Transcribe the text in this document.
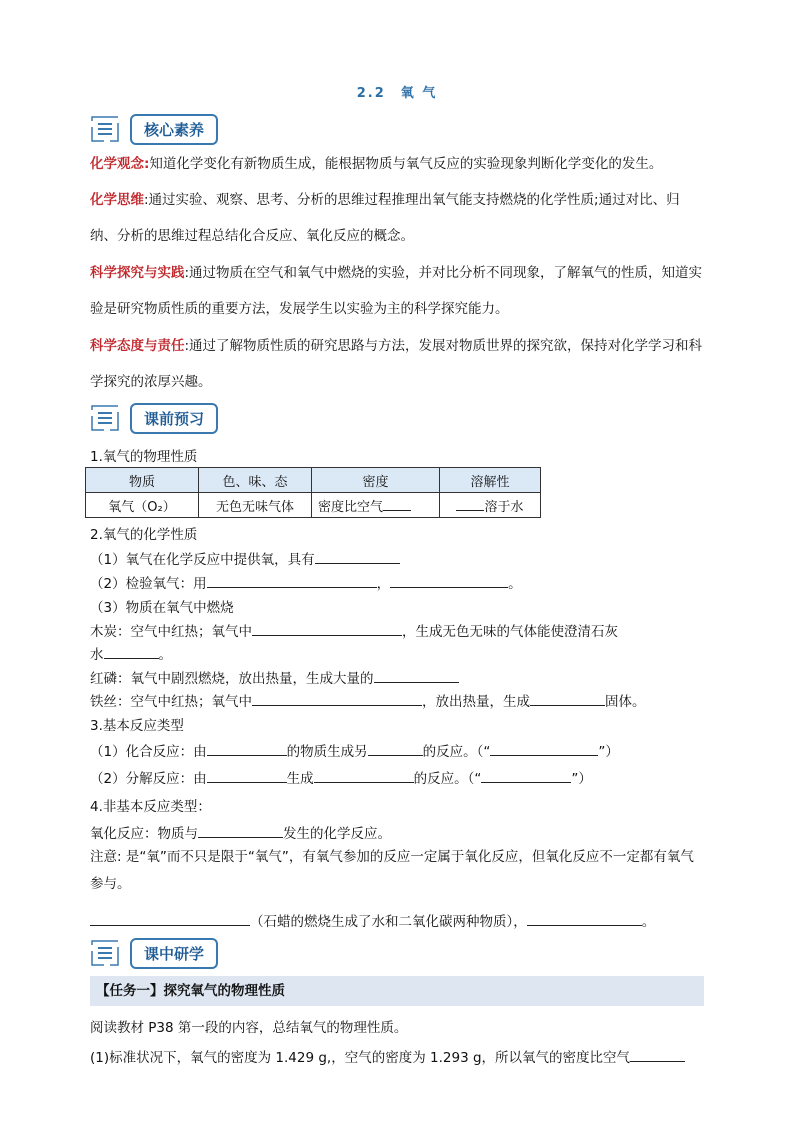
2.2　氧 气
核心素养
化学观念:知道化学变化有新物质生成，能根据物质与氧气反应的实验现象判断化学变化的发生。
化学思维:通过实验、观察、思考、分析的思维过程推理出氧气能支持燃烧的化学性质;通过对比、归纳、分析的思维过程总结化合反应、氧化反应的概念。
科学探究与实践:通过物质在空气和氧气中燃烧的实验，并对比分析不同现象，了解氧气的性质，知道实验是研究物质性质的重要方法，发展学生以实验为主的科学探究能力。
科学态度与责任:通过了解物质性质的研究思路与方法，发展对物质世界的探究欲，保持对化学学习和科学探究的浓厚兴趣。
课前预习
1.氧气的物理性质
物质	色、味、态	密度	溶解性
氧气（O₂）	无色无味气体	密度比空气	溶于水
2.氧气的化学性质
（1）氧气在化学反应中提供氧，具有
（2）检验氧气：用	，	。
（3）物质在氧气中燃烧
木炭：空气中红热；氧气中	，生成无色无味的气体能使澄清石灰
水	。
红磷：氧气中剧烈燃烧，放出热量，生成大量的
铁丝：空气中红热；氧气中	，放出热量，生成	固体。
3.基本反应类型
（1）化合反应：由	的物质生成另	的反应。（“	”）
（2）分解反应：由	生成	的反应。（“	”）
4.非基本反应类型：
氧化反应：物质与	发生的化学反应。
注意: 是“氧”而不只是限于“氧气”，有氧气参加的反应一定属于氧化反应，但氧化反应不一定都有氧气参与。
（石蜡的燃烧生成了水和二氧化碳两种物质），	。
课中研学
【任务一】探究氧气的物理性质
阅读教材 P38 第一段的内容，总结氧气的物理性质。
(1)标准状况下，氧气的密度为 1.429 g,，空气的密度为 1.293 g，所以氧气的密度比空气
